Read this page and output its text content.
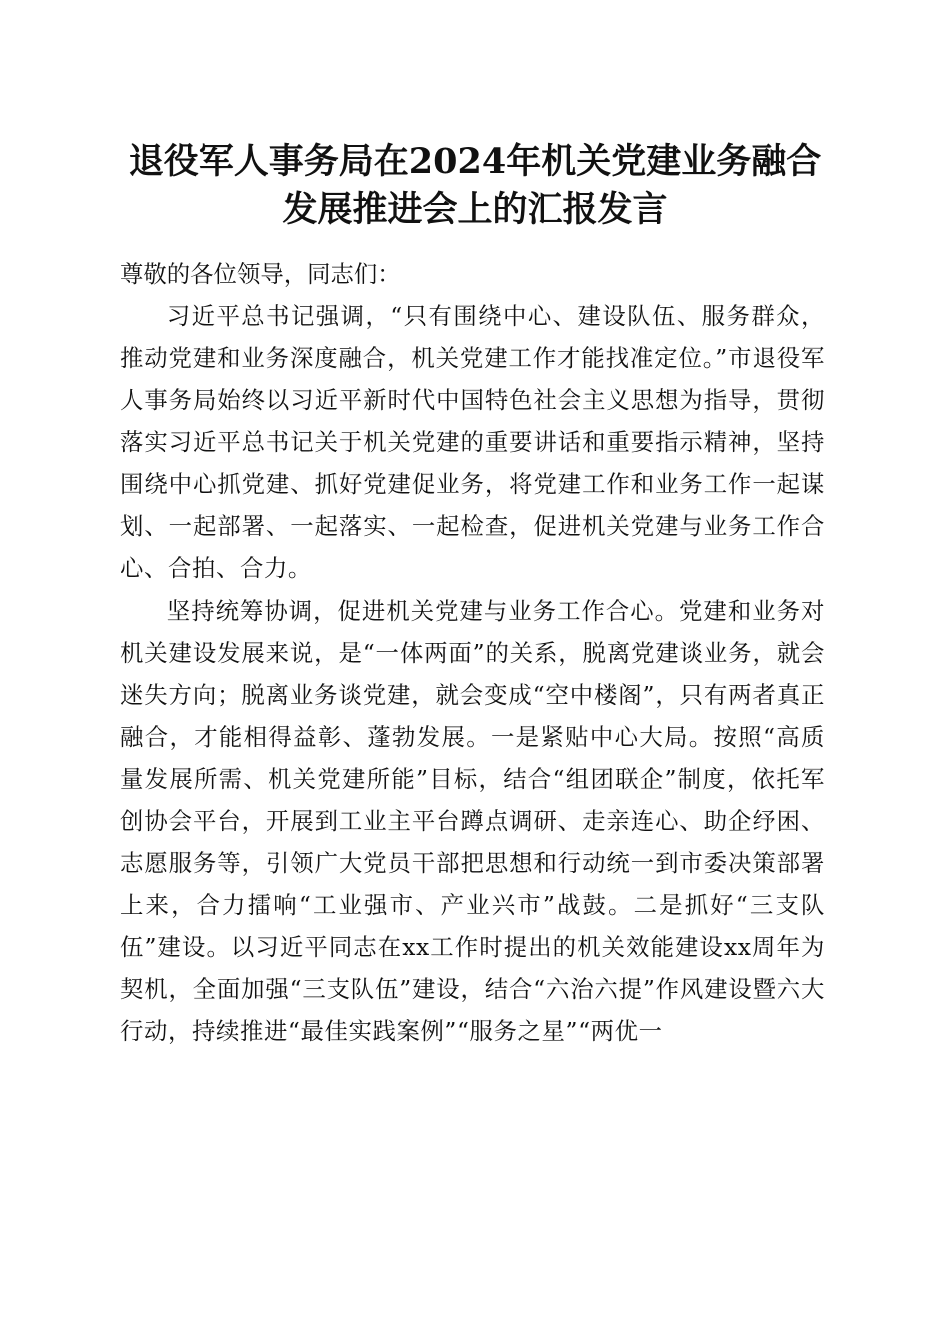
退役军人事务局在2024年机关党建业务融合
发展推进会上的汇报发言

尊敬的各位领导，同志们：

习近平总书记强调，“只有围绕中心、建设队伍、服务群众，推动党建和业务深度融合，机关党建工作才能找准定位。”市退役军人事务局始终以习近平新时代中国特色社会主义思想为指导，贯彻落实习近平总书记关于机关党建的重要讲话和重要指示精神，坚持围绕中心抓党建、抓好党建促业务，将党建工作和业务工作一起谋划、一起部署、一起落实、一起检查，促进机关党建与业务工作合心、合拍、合力。

坚持统筹协调，促进机关党建与业务工作合心。党建和业务对机关建设发展来说，是“一体两面”的关系，脱离党建谈业务，就会迷失方向；脱离业务谈党建，就会变成“空中楼阁”，只有两者真正融合，才能相得益彰、蓬勃发展。一是紧贴中心大局。按照“高质量发展所需、机关党建所能”目标，结合“组团联企”制度，依托军创协会平台，开展到工业主平台蹲点调研、走亲连心、助企纾困、志愿服务等，引领广大党员干部把思想和行动统一到市委决策部署上来，合力擂响“工业强市、产业兴市”战鼓。二是抓好“三支队伍”建设。以习近平同志在xx工作时提出的机关效能建设xx周年为契机，全面加强“三支队伍”建设，结合“六治六提”作风建设暨六大行动，持续推进“最佳实践案例”“服务之星”“两优一
